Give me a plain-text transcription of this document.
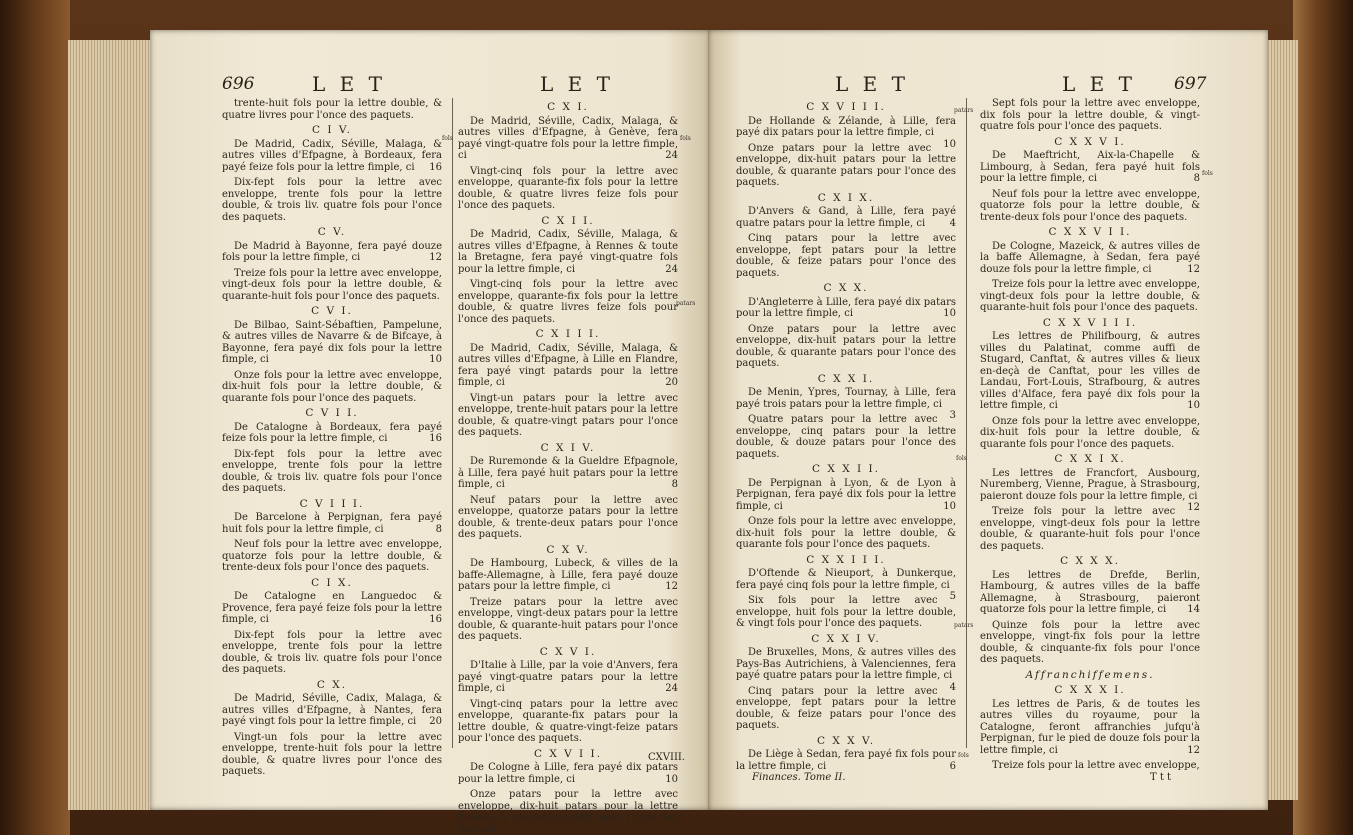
696	L E T	L E T	L E T	L E T 697

trente-huit fols pour la lettre double, & quatre livres pour l'once des paquets.

C I V.

De Madrid, Cadix, Séville, Malaga, & autres villes d'Efpagne, à Bordeaux, fera payé feize fols pour la lettre fimple, ci	16

Dix-fept fols pour la lettre avec enveloppe, trente fols pour la lettre double, & trois liv. quatre fols pour l'once des paquets.

C V.

De Madrid à Bayonne, fera payé douze fols pour la lettre fimple, ci	12

Treize fols pour la lettre avec enveloppe, vingt-deux fols pour la lettre double, & quarante-huit fols pour l'once des paquets.

C V I.

De Bilbao, Saint-Sébaftien, Pampelune, & autres villes de Navarre & de Bifcaye, à Bayonne, fera payé dix fols pour la lettre fimple, ci	10

Onze fols pour la lettre avec enveloppe, dix-huit fols pour la lettre double, & quarante fols pour l'once des paquets.

C V I I.

De Catalogne à Bordeaux, fera payé feize fols pour la lettre fimple, ci	16

Dix-fept fols pour la lettre avec enveloppe, trente fols pour la lettre double, & trois liv. quatre fols pour l'once des paquets.

C V I I I.

De Barcelone à Perpignan, fera payé huit fols pour la lettre fimple, ci	8

Neuf fols pour la lettre avec enveloppe, quatorze fols pour la lettre double, & trente-deux fols pour l'once des paquets.

C I X.

De Catalogne en Languedoc & Provence, fera payé feize fols pour la lettre fimple, ci	16

Dix-fept fols pour la lettre avec enveloppe, trente fols pour la lettre double, & trois liv. quatre fols pour l'once des paquets.

C X.

De Madrid, Séville, Cadix, Malaga, & autres villes d'Efpagne, à Nantes, fera payé vingt fols pour la lettre fimple, ci	20

Vingt-un fols pour la lettre avec enveloppe, trente-huit fols pour la lettre double, & quatre livres pour l'once des paquets.

C X I.

De Madrid, Séville, Cadix, Malaga, & autres villes d'Efpagne, à Genève, fera payé vingt-quatre fols pour la lettre fimple, ci	24

Vingt-cinq fols pour la lettre avec enveloppe, quarante-fix fols pour la lettre double, & quatre livres feize fols pour l'once des paquets.

C X I I.

De Madrid, Cadix, Séville, Malaga, & autres villes d'Efpagne, à Rennes & toute la Bretagne, fera payé vingt-quatre fols pour la lettre fimple, ci	24

Vingt-cinq fols pour la lettre avec enveloppe, quarante-fix fols pour la lettre double, & quatre livres feize fols pour l'once des paquets.

C X I I I.

De Madrid, Cadix, Séville, Malaga, & autres villes d'Efpagne, à Lille en Flandre, fera payé vingt patards pour la lettre fimple, ci	20

Vingt-un patars pour la lettre avec enveloppe, trente-huit patars pour la lettre double, & quatre-vingt patars pour l'once des paquets.

C X I V.

De Ruremonde & la Gueldre Efpagnole, à Lille, fera payé huit patars pour la lettre fimple, ci	8

Neuf patars pour la lettre avec enveloppe, quatorze patars pour la lettre double, & trente-deux patars pour l'once des paquets.

C X V.

De Hambourg, Lubeck, & villes de la baffe-Allemagne, à Lille, fera payé douze patars pour la lettre fimple, ci	12

Treize patars pour la lettre avec enveloppe, vingt-deux patars pour la lettre double, & quarante-huit patars pour l'once des paquets.

C X V I.

D'Italie à Lille, par la voie d'Anvers, fera payé vingt-quatre patars pour la lettre fimple, ci	24

Vingt-cinq patars pour la lettre avec enveloppe, quarante-fix patars pour la lettre double, & quatre-vingt-feize patars pour l'once des paquets.

C X V I I.

De Cologne à Lille, fera payé dix patars pour la lettre fimple, ci	10

Onze patars pour la lettre avec enveloppe, dix-huit patars pour la lettre double, & quarante patars pour l'once des paquets.

C X V I I I.

De Hollande & Zélande, à Lille, fera payé dix patars pour la lettre fimple, ci
10

Onze patars pour la lettre avec enveloppe, dix-huit patars pour la lettre double, & quarante patars pour l'once des paquets.

C X I X.

D'Anvers & Gand, à Lille, fera payé quatre patars pour la lettre fimple, ci	4

Cinq patars pour la lettre avec enveloppe, fept patars pour la lettre double, & feize patars pour l'once des paquets.

C X X.

D'Angleterre à Lille, fera payé dix patars pour la lettre fimple, ci	10

Onze patars pour la lettre avec enveloppe, dix-huit patars pour la lettre double, & quarante patars pour l'once des paquets.

C X X I.

De Menin, Ypres, Tournay, à Lille, fera payé trois patars pour la lettre fimple, ci
3

Quatre patars pour la lettre avec enveloppe, cinq patars pour la lettre double, & douze patars pour l'once des paquets.

C X X I I.

De Perpignan à Lyon, & de Lyon à Perpignan, fera payé dix fols pour la lettre fimple, ci	10

Onze fols pour la lettre avec enveloppe, dix-huit fols pour la lettre double, & quarante fols pour l'once des paquets.

C X X I I I.

D'Oftende & Nieuport, à Dunkerque, fera payé cinq fols pour la lettre fimple, ci
5

Six fols pour la lettre avec enveloppe, huit fols pour la lettre double, & vingt fols pour l'once des paquets.

C X X I V.

De Bruxelles, Mons, & autres villes des Pays-Bas Autrichiens, à Valenciennes, fera payé quatre patars pour la lettre fimple, ci
4

Cinq patars pour la lettre avec enveloppe, fept patars pour la lettre double, & feize patars pour l'once des paquets.

C X X V.

De Liège à Sedan, fera payé fix fols pour la lettre fimple, ci	6

Sept fols pour la lettre avec enveloppe, dix fols pour la lettre double, & vingt-quatre fols pour l'once des paquets.

C X X V I.

De Maeftricht, Aix-la-Chapelle & Limbourg, à Sedan, fera payé huit fols pour la lettre fimple, ci	8

Neuf fols pour la lettre avec enveloppe, quatorze fols pour la lettre double, & trente-deux fols pour l'once des paquets.

C X X V I I.

De Cologne, Mazeick, & autres villes de la baffe Allemagne, à Sedan, fera payé douze fols pour la lettre fimple, ci	12

Treize fols pour la lettre avec enveloppe, vingt-deux fols pour la lettre double, & quarante-huit fols pour l'once des paquets.

C X X V I I I.

Les lettres de Philifbourg, & autres villes du Palatinat, comme auffi de Stugard, Canftat, & autres villes & lieux en-deçà de Canftat, pour les villes de Landau, Fort-Louis, Strafbourg, & autres villes d'Alface, fera payé dix fols pour la lettre fimple, ci	10

Onze fols pour la lettre avec enveloppe, dix-huit fols pour la lettre double, & quarante fols pour l'once des paquets.

C X X I X.

Les lettres de Francfort, Ausbourg, Nuremberg, Vienne, Prague, à Strasbourg, paieront douze fols pour la lettre fimple, ci
12

Treize fols pour la lettre avec enveloppe, vingt-deux fols pour la lettre double, & quarante-huit fols pour l'once des paquets.

C X X X.

Les lettres de Drefde, Berlin, Hambourg, & autres villes de la baffe Allemagne, à Strasbourg, paieront quatorze fols pour la lettre fimple, ci	14

Quinze fols pour la lettre avec enveloppe, vingt-fix fols pour la lettre double, & cinquante-fix fols pour l'once des paquets.

Affranchiffemens.
C X X X I.

Les lettres de Paris, & de toutes les autres villes du royaume, pour la Catalogne, feront affranchies jufqu'à Perpignan, fur le pied de douze fols pour la lettre fimple, ci	12

Treize fols pour la lettre avec enveloppe,

CXVIII.
Finances. Tome II.	T t t
fols	fols
patars
patars
fols
fols
patars
fols
